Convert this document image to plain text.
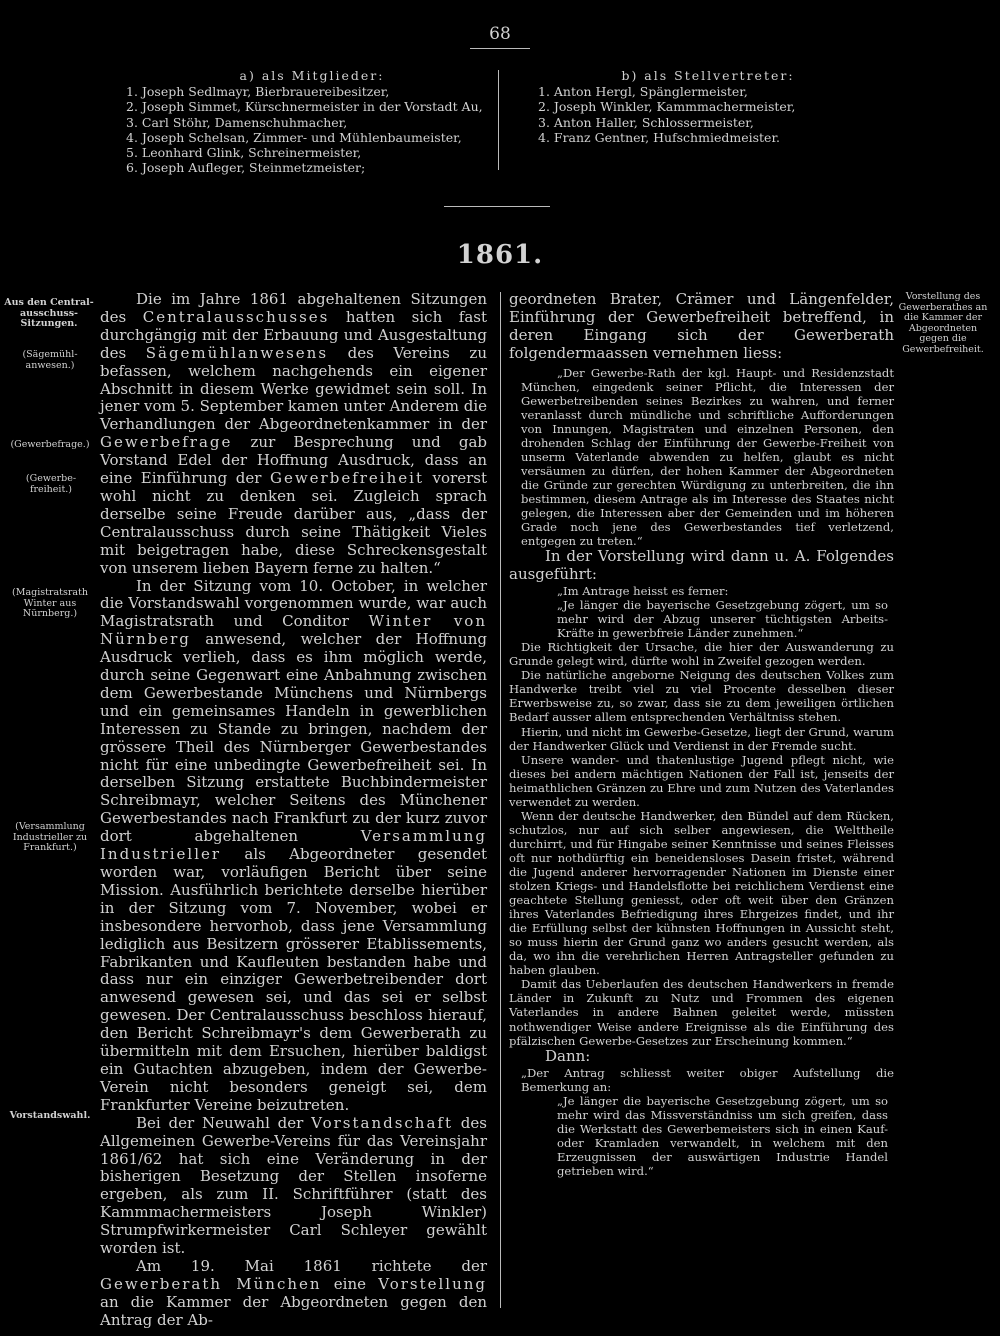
68
a) als Mitglieder:
1. Joseph Sedlmayr, Bierbrauereibesitzer,
2. Joseph Simmet, Kürschnermeister in der Vorstadt Au,
3. Carl Stöhr, Damenschuhmacher,
4. Joseph Schelsan, Zimmer- und Mühlenbaumeister,
5. Leonhard Glink, Schreinermeister,
6. Joseph Aufleger, Steinmetzmeister;
b) als Stellvertreter:
1. Anton Hergl, Spänglermeister,
2. Joseph Winkler, Kammmachermeister,
3. Anton Haller, Schlossermeister,
4. Franz Gentner, Hufschmiedmeister.
1861.
Aus den Central-ausschuss-Sitzungen.
(Sägemühl-anwesen.)
(Gewerbefrage.)
(Gewerbe-freiheit.)
(Magistratsrath Winter aus Nürnberg.)
(Versammlung Industrieller zu Frankfurt.)
Vorstandswahl.
Vorstellung des Gewerberathes an die Kammer der Abgeordneten gegen die Gewerbefreiheit.

Die im Jahre 1861 abgehaltenen Sitzungen des Centralausschusses hatten sich fast durchgängig mit der Erbauung und Ausgestaltung des Sägemühlanwesens des Vereins zu befassen, welchem nachgehends ein eigener Abschnitt in diesem Werke gewidmet sein soll. In jener vom 5. September kamen unter Anderem die Verhandlungen der Abgeordnetenkammer in der Gewerbefrage zur Besprechung und gab Vorstand Edel der Hoffnung Ausdruck, dass an eine Einführung der Gewerbefreiheit vorerst wohl nicht zu denken sei. Zugleich sprach derselbe seine Freude darüber aus, „dass der Centralausschuss durch seine Thätigkeit Vieles mit beigetragen habe, diese Schreckensgestalt von unserem lieben Bayern ferne zu halten.“

In der Sitzung vom 10. October, in welcher die Vorstandswahl vorgenommen wurde, war auch Magistratsrath und Conditor Winter von Nürnberg anwesend, welcher der Hoffnung Ausdruck verlieh, dass es ihm möglich werde, durch seine Gegenwart eine Anbahnung zwischen dem Gewerbestande Münchens und Nürnbergs und ein gemeinsames Handeln in gewerblichen Interessen zu Stande zu bringen, nachdem der grössere Theil des Nürnberger Gewerbestandes nicht für eine unbedingte Gewerbefreiheit sei. In derselben Sitzung erstattete Buchbindermeister Schreibmayr, welcher Seitens des Münchener Gewerbestandes nach Frankfurt zu der kurz zuvor dort abgehaltenen Versammlung Industrieller als Abgeordneter gesendet worden war, vorläufigen Bericht über seine Mission. Ausführlich berichtete derselbe hierüber in der Sitzung vom 7. November, wobei er insbesondere hervorhob, dass jene Versammlung lediglich aus Besitzern grösserer Etablissements, Fabrikanten und Kaufleuten bestanden habe und dass nur ein einziger Gewerbetreibender dort anwesend gewesen sei, und das sei er selbst gewesen. Der Centralausschuss beschloss hierauf, den Bericht Schreibmayr's dem Gewerberath zu übermitteln mit dem Ersuchen, hierüber baldigst ein Gutachten abzugeben, indem der Gewerbe-Verein nicht besonders geneigt sei, dem Frankfurter Vereine beizutreten.

Bei der Neuwahl der Vorstandschaft des Allgemeinen Gewerbe-Vereins für das Vereinsjahr 1861/62 hat sich eine Veränderung in der bisherigen Besetzung der Stellen insoferne ergeben, als zum II. Schriftführer (statt des Kammmachermeisters Joseph Winkler) Strumpfwirkermeister Carl Schleyer gewählt worden ist.

Am 19. Mai 1861 richtete der Gewerberath München eine Vorstellung an die Kammer der Abgeordneten gegen den Antrag der Ab-

geordneten Brater, Crämer und Längenfelder, Einführung der Gewerbefreiheit betreffend, in deren Eingang sich der Gewerberath folgendermaassen vernehmen liess:

„Der Gewerbe-Rath der kgl. Haupt- und Residenzstadt München, eingedenk seiner Pflicht, die Interessen der Gewerbetreibenden seines Bezirkes zu wahren, und ferner veranlasst durch mündliche und schriftliche Aufforderungen von Innungen, Magistraten und einzelnen Personen, den drohenden Schlag der Einführung der Gewerbe-Freiheit von unserm Vaterlande abwenden zu helfen, glaubt es nicht versäumen zu dürfen, der hohen Kammer der Abgeordneten die Gründe zur gerechten Würdigung zu unterbreiten, die ihn bestimmen, diesem Antrage als im Interesse des Staates nicht gelegen, die Interessen aber der Gemeinden und im höheren Grade noch jene des Gewerbestandes tief verletzend, entgegen zu treten.“

In der Vorstellung wird dann u. A. Folgendes ausgeführt:

„Im Antrage heisst es ferner:

„Je länger die bayerische Gesetzgebung zögert, um so mehr wird der Abzug unserer tüchtigsten Arbeits-Kräfte in gewerbfreie Länder zunehmen.“

Die Richtigkeit der Ursache, die hier der Auswanderung zu Grunde gelegt wird, dürfte wohl in Zweifel gezogen werden.

Die natürliche angeborne Neigung des deutschen Volkes zum Handwerke treibt viel zu viel Procente desselben dieser Erwerbsweise zu, so zwar, dass sie zu dem jeweiligen örtlichen Bedarf ausser allem entsprechenden Verhältniss stehen.

Hierin, und nicht im Gewerbe-Gesetze, liegt der Grund, warum der Handwerker Glück und Verdienst in der Fremde sucht.

Unsere wander- und thatenlustige Jugend pflegt nicht, wie dieses bei andern mächtigen Nationen der Fall ist, jenseits der heimathlichen Gränzen zu Ehre und zum Nutzen des Vaterlandes verwendet zu werden.

Wenn der deutsche Handwerker, den Bündel auf dem Rücken, schutzlos, nur auf sich selber angewiesen, die Welttheile durchirrt, und für Hingabe seiner Kenntnisse und seines Fleisses oft nur nothdürftig ein beneidensloses Dasein fristet, während die Jugend anderer hervorragender Nationen im Dienste einer stolzen Kriegs- und Handelsflotte bei reichlichem Verdienst eine geachtete Stellung geniesst, oder oft weit über den Gränzen ihres Vaterlandes Befriedigung ihres Ehrgeizes findet, und ihr die Erfüllung selbst der kühnsten Hoffnungen in Aussicht steht, so muss hierin der Grund ganz wo anders gesucht werden, als da, wo ihn die verehrlichen Herren Antragsteller gefunden zu haben glauben.

Damit das Ueberlaufen des deutschen Handwerkers in fremde Länder in Zukunft zu Nutz und Frommen des eigenen Vaterlandes in andere Bahnen geleitet werde, müssten nothwendiger Weise andere Ereignisse als die Einführung des pfälzischen Gewerbe-Gesetzes zur Erscheinung kommen.“

Dann:

„Der Antrag schliesst weiter obiger Aufstellung die Bemerkung an:

„Je länger die bayerische Gesetzgebung zögert, um so mehr wird das Missverständniss um sich greifen, dass die Werkstatt des Gewerbemeisters sich in einen Kauf- oder Kramladen verwandelt, in welchem mit den Erzeugnissen der auswärtigen Industrie Handel getrieben wird.“
